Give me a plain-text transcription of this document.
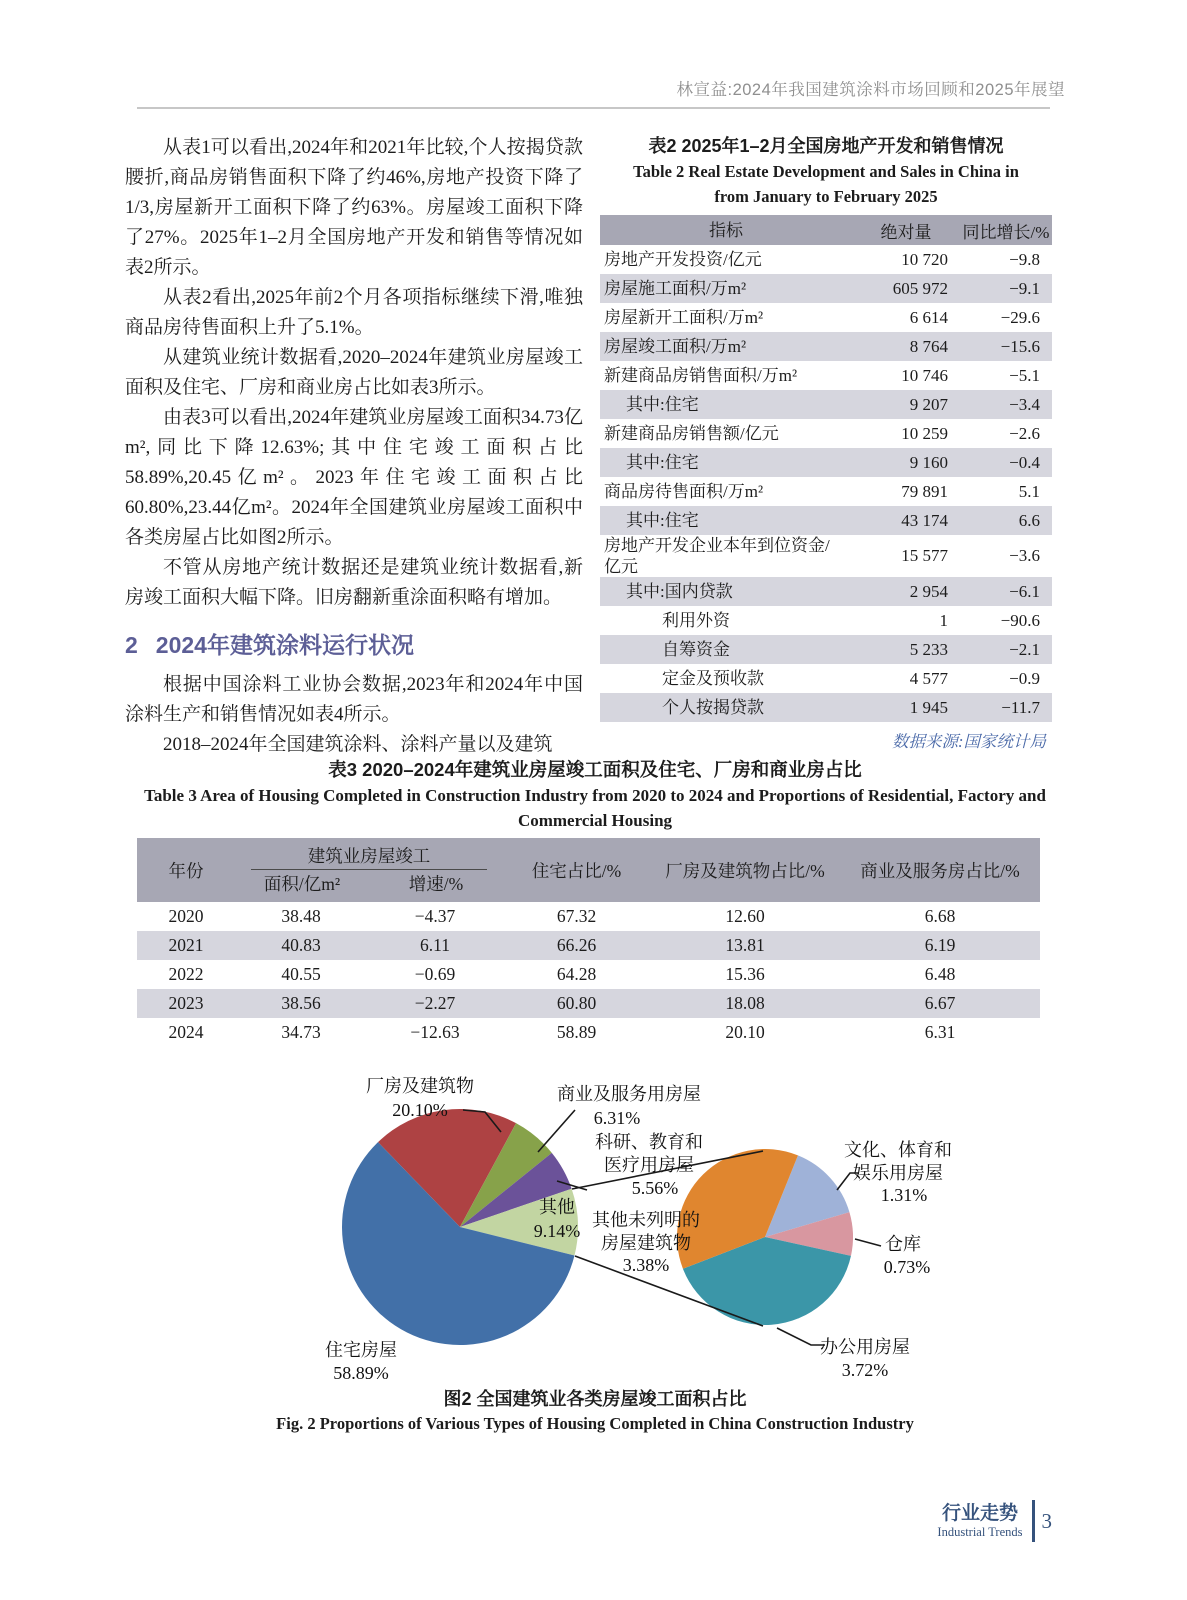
林宣益:2024年我国建筑涂料市场回顾和2025年展望

从表1可以看出,2024年和2021年比较,个人按揭贷款腰折,商品房销售面积下降了约46%,房地产投资下降了1/3,房屋新开工面积下降了约63%。房屋竣工面积下降了27%。2025年1–2月全国房地产开发和销售等情况如表2所示。

从表2看出,2025年前2个月各项指标继续下滑,唯独商品房待售面积上升了5.1%。

从建筑业统计数据看,2020–2024年建筑业房屋竣工面积及住宅、厂房和商业房占比如表3所示。

由表3可以看出,2024年建筑业房屋竣工面积34.73亿m²,同比下降12.63%;其中住宅竣工面积占比58.89%,20.45亿m²。2023年住宅竣工面积占比60.80%,23.44亿m²。2024年全国建筑业房屋竣工面积中各类房屋占比如图2所示。

不管从房地产统计数据还是建筑业统计数据看,新房竣工面积大幅下降。旧房翻新重涂面积略有增加。

2 2024年建筑涂料运行状况

根据中国涂料工业协会数据,2023年和2024年中国涂料生产和销售情况如表4所示。

2018–2024年全国建筑涂料、涂料产量以及建筑

表2 2025年1–2月全国房地产开发和销售情况
Table 2 Real Estate Development and Sales in China in
from January to February 2025
指标	绝对量	同比增长/%
房地产开发投资/亿元	10 720	−9.8
房屋施工面积/万m²	605 972	−9.1
房屋新开工面积/万m²	6 614	−29.6
房屋竣工面积/万m²	8 764	−15.6
新建商品房销售面积/万m²	10 746	−5.1
其中:住宅	9 207	−3.4
新建商品房销售额/亿元	10 259	−2.6
其中:住宅	9 160	−0.4
商品房待售面积/万m²	79 891	5.1
其中:住宅	43 174	6.6
房地产开发企业本年到位资金/亿元
15 577	−3.6
其中:国内贷款	2 954	−6.1
利用外资	1	−90.6
自筹资金	5 233	−2.1
定金及预收款	4 577	−0.9
个人按揭贷款	1 945	−11.7
数据来源:国家统计局
表3 2020–2024年建筑业房屋竣工面积及住宅、厂房和商业房占比
Table 3 Area of Housing Completed in Construction Industry from 2020 to 2024 and Proportions of Residential, Factory and
Commercial Housing
年份
建筑业房屋竣工
面积/亿m²	增速/%
住宅占比/%	厂房及建筑物占比/%	商业及服务房占比/%
2020	38.48	−4.37	67.32	12.60	6.68
2021	40.83	6.11	66.26	13.81	6.19
2022	40.55	−0.69	64.28	15.36	6.48
2023	38.56	−2.27	60.80	18.08	6.67
2024	34.73	−12.63	58.89	20.10	6.31
厂房及建筑物
20.10%
商业及服务用房屋
6.31%
科研、教育和
医疗用房屋
5.56%
其他
9.14%
住宅房屋
58.89%
其他未列明的
房屋建筑物
3.38%
文化、体育和
娱乐用房屋
1.31%
仓库
0.73%
办公用房屋
3.72%
图2 全国建筑业各类房屋竣工面积占比
Fig. 2 Proportions of Various Types of Housing Completed in China Construction Industry
行业走势
Industrial Trends 3
